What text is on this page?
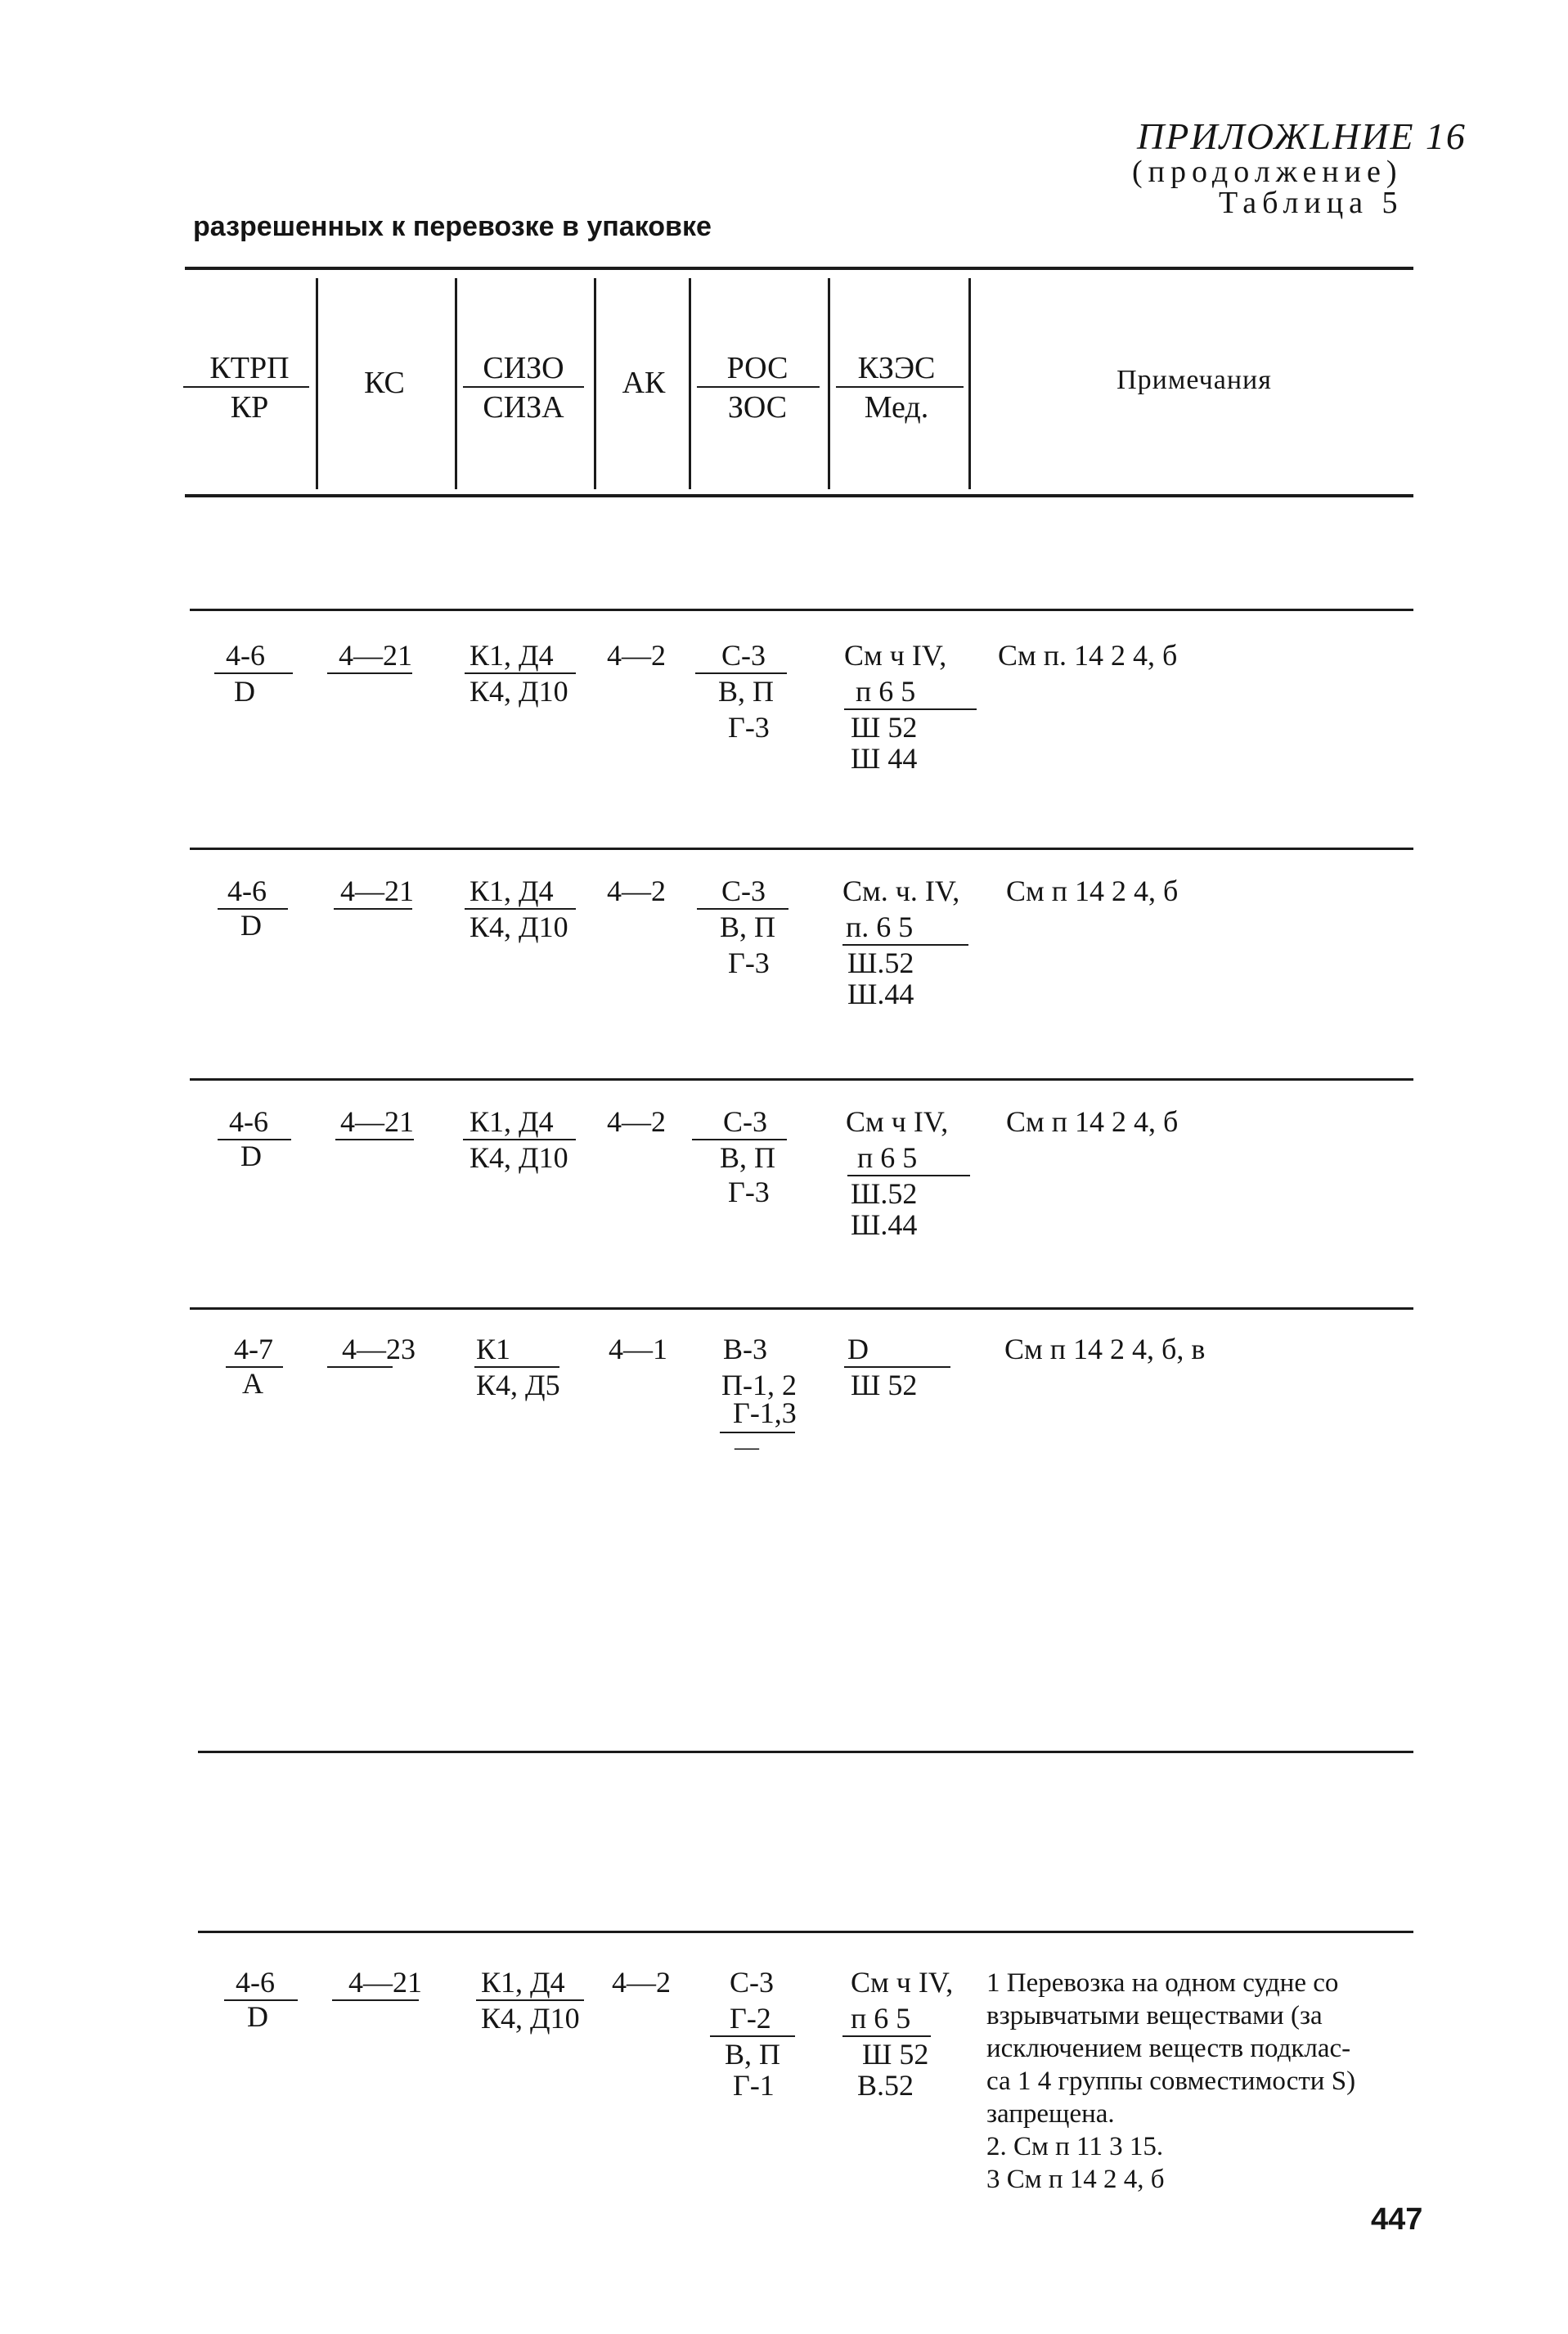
ПРИЛОЖLНИЕ 16
(продолжение)
Таблица 5
разрешенных к перевозке в упаковке
КТРП
КР
КС	СИЗО
СИЗА
АК	РОС
ЗОС
КЗЭС
Мед.
Примечания
4-6
D
4—21 К1, Д4
К4, Д10
4—2 С-3
В, П
Г-3
См ч IV,
п 6 5
Ш 52
Ш 44
См п. 14 2 4, б
4-6
D
4—21 К1, Д4
К4, Д10
4—2 С-3
В, П
Г-3
См. ч. IV,
п. 6 5
Ш.52
Ш.44
См п 14 2 4, б
4-6
D
4—21 К1, Д4
К4, Д10
4—2 С-3
В, П
Г-3
См ч IV,
п 6 5
Ш.52
Ш.44
См п 14 2 4, б
4-7
А
4—23 К1
К4, Д5
4—1 В-3
П-1, 2
Г-1,3
—
D
Ш 52
См п 14 2 4, б, в
4-6
D
4—21 К1, Д4
К4, Д10
4—2 С-3
Г-2
В, П
Г-1
См ч IV,
п 6 5
Ш 52
В.52
1 Перевозка на одном судне со
взрывчатыми веществами (за
исключением веществ подклас-
са 1 4 группы совместимости S)
запрещена.
2. См п 11 3 15.
3 См п 14 2 4, б
447
